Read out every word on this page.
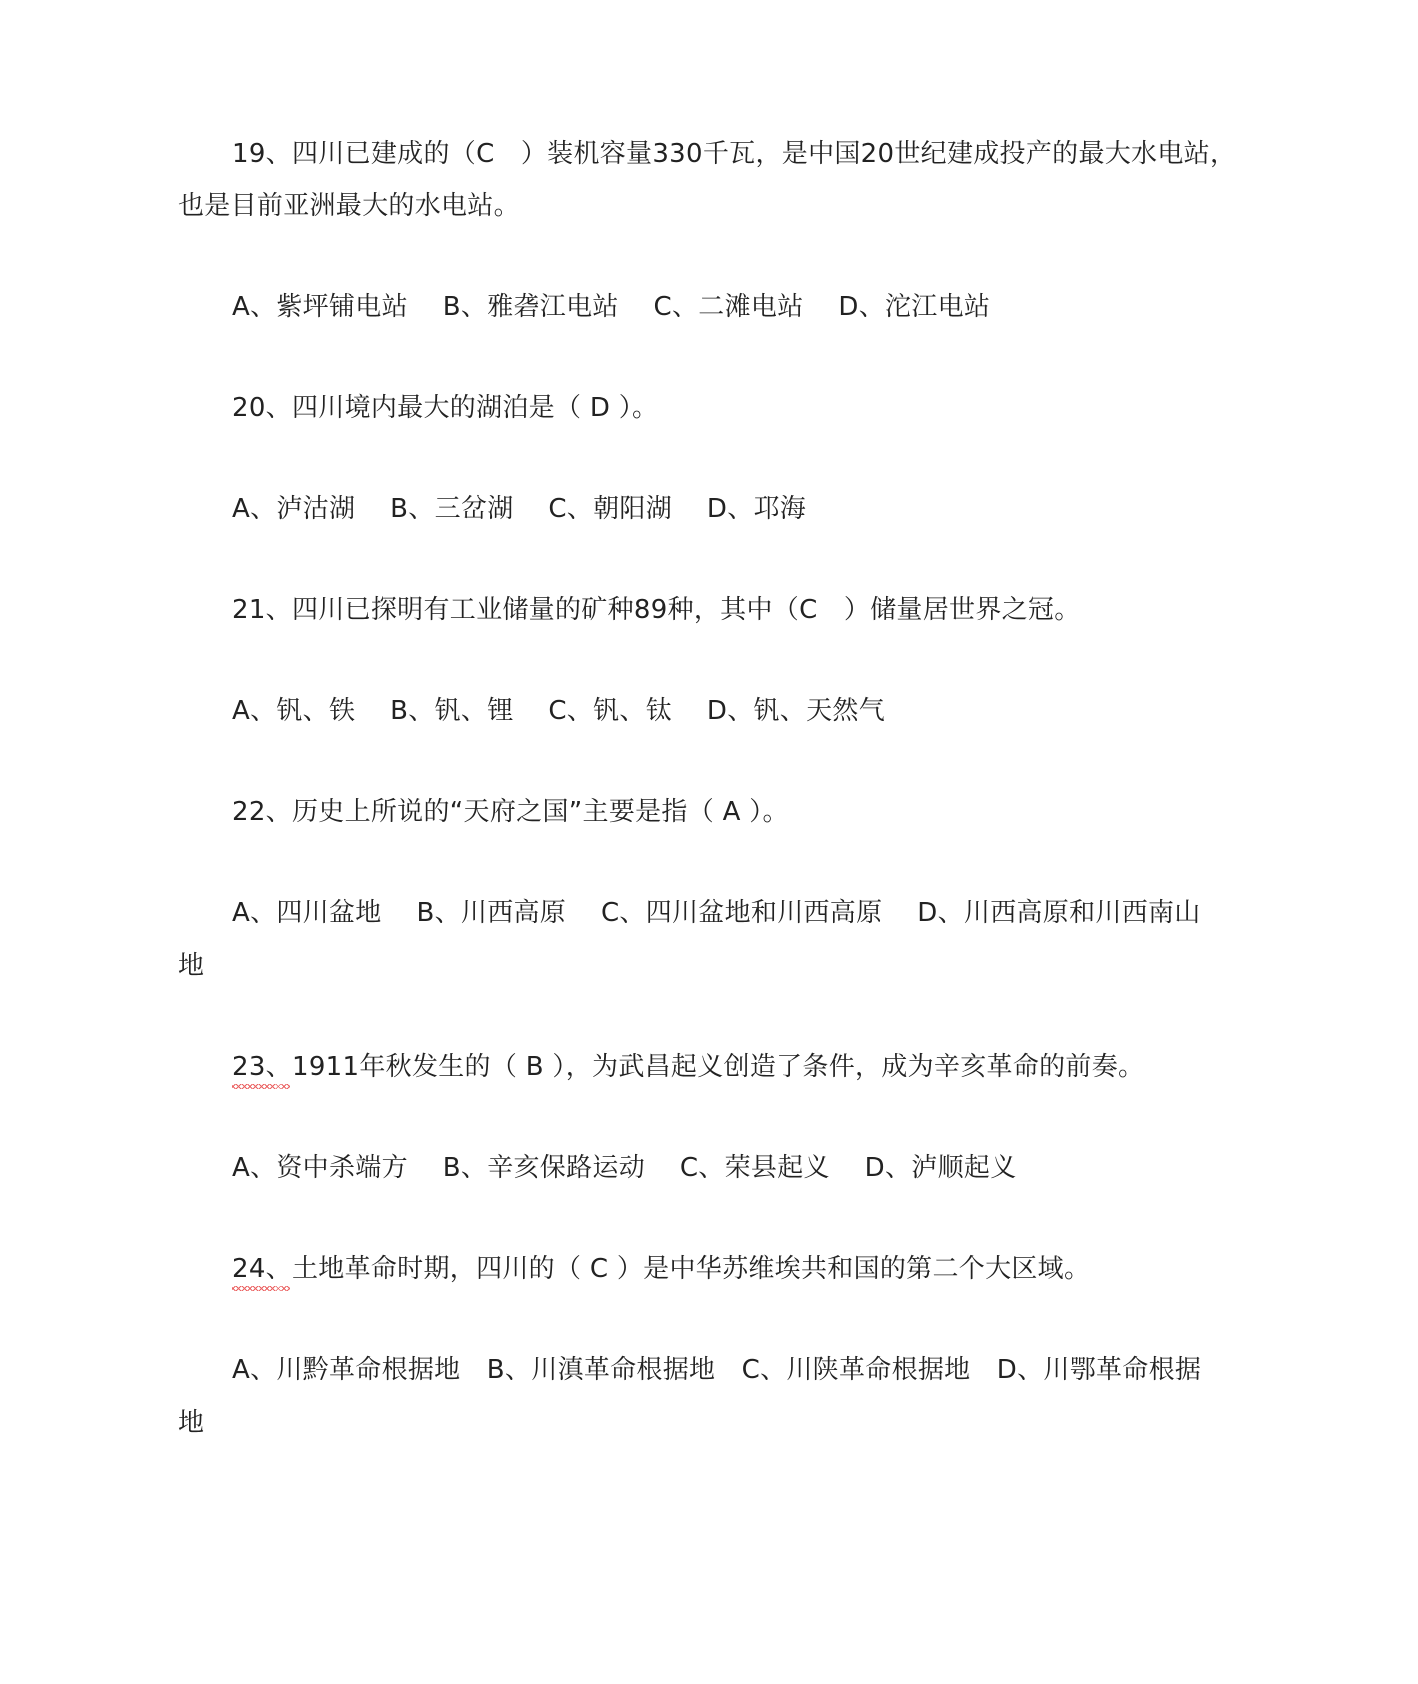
19、四川已建成的（C　）装机容量330千瓦，是中国20世纪建成投产的最大水电站，

也是目前亚洲最大的水电站。

A、紫坪铺电站　 B、雅砻江电站　 C、二滩电站　 D、沱江电站

20、四川境内最大的湖泊是（ D ）。

A、泸沽湖　 B、三岔湖　 C、朝阳湖　 D、邛海

21、四川已探明有工业储量的矿种89种，其中（C　）储量居世界之冠。

A、钒、铁　 B、钒、锂　 C、钒、钛　 D、钒、天然气

22、历史上所说的“天府之国”主要是指（ A ）。

A、四川盆地　 B、川西高原　 C、四川盆地和川西高原　 D、川西高原和川西南山

地

23、1911年秋发生的（ B ），为武昌起义创造了条件，成为辛亥革命的前奏。

A、资中杀端方　 B、辛亥保路运动　 C、荣县起义　 D、泸顺起义

24、土地革命时期，四川的（ C ）是中华苏维埃共和国的第二个大区域。

A、川黔革命根据地　B、川滇革命根据地　C、川陕革命根据地　D、川鄂革命根据

地
